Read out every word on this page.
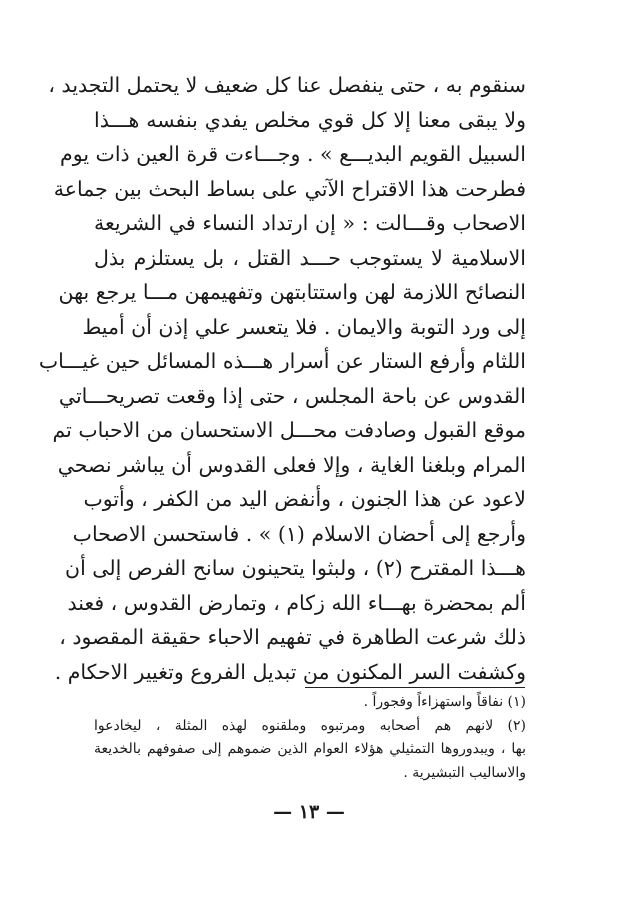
سنقوم به ، حتى ينفصل عنا كل ضعيف لا يحتمل التجديد ،
ولا يبقى معنا إلا كل قوي مخلص يفدي بنفسه هـــذا
السبيل القويم البديـــع » . وجـــاءت قرة العين ذات يوم
فطرحت هذا الاقتراح الآتي على بساط البحث بين جماعة
الاصحاب وقـــالت : « إن ارتداد النساء في الشريعة
الاسلامية لا يستوجب حـــد القتل ، بل يستلزم بذل
النصائح اللازمة لهن واستتابتهن وتفهيمهن مـــا يرجع بهن
إلى ورد التوبة والايمان . فلا يتعسر علي إذن أن أميط
اللثام وأرفع الستار عن أسرار هـــذه المسائل حين غيـــاب
القدوس عن باحة المجلس ، حتى إذا وقعت تصريحـــاتي
موقع القبول وصادفت محـــل الاستحسان من الاحباب تم
المرام وبلغنا الغاية ، وإلا فعلى القدوس أن يباشر نصحي
لاعود عن هذا الجنون ، وأنفض اليد من الكفر ، وأتوب
وأرجع إلى أحضان الاسلام (١) » . فاستحسن الاصحاب
هـــذا المقترح (٢) ، ولبثوا يتحينون سانح الفرص إلى أن
ألم بمحضرة بهـــاء الله زكام ، وتمارض القدوس ، فعند
ذلك شرعت الطاهرة في تفهيم الاحباء حقيقة المقصود ،
وكشفت السر المكنون من تبديل الفروع وتغيير الاحكام .
(١) نفاقاً واستهزاءاً وفجوراً .
(٢) لانهم هم أصحابه ومرتبوه وملقنوه لهذه المثلة ، ليخادعوا
بها ، ويبدوروها التمثيلي هؤلاء العوام الذين ضموهم إلى صفوفهم بالخديعة
والاساليب التبشيرية .
— ١٣ —
